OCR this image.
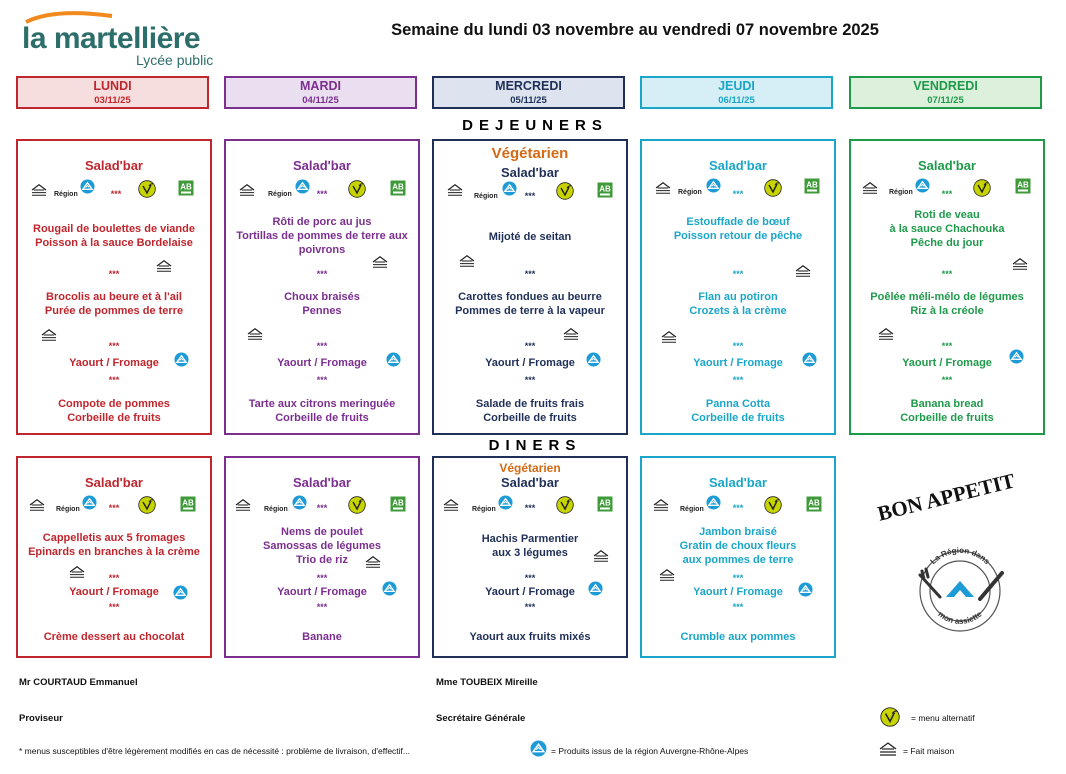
la martellière
Lycée public
Semaine du lundi 03 novembre au vendredi 07 novembre 2025
LUNDI
03/11/25
MARDI
04/11/25
MERCREDI
05/11/25
JEUDI
06/11/25
VENDREDI
07/11/25
DEJEUNERS
Salad'bar
Région	***
Rougail de boulettes de viande
Poisson à la sauce Bordelaise
***
Brocolis au beure et à l'ail
Purée de pommes de terre
***
Yaourt / Fromage
***
Compote de pommes
Corbeille de fruits
Salad'bar
Région	***
Rôti de porc au jus
Tortillas de pommes de terre aux
poivrons
***
Choux braisés
Pennes
***
Yaourt / Fromage
***
Tarte aux citrons meringuée
Corbeille de fruits
Végétarien
Salad'bar
Région	***
Mijoté de seitan
***
Carottes fondues au beurre
Pommes de terre à la vapeur
***
Yaourt / Fromage
***
Salade de fruits frais
Corbeille de fruits
Salad'bar
Région	***
Estouffade de bœuf
Poisson retour de pêche
***
Flan au potiron
Crozets à la crème
***
Yaourt / Fromage
***
Panna Cotta
Corbeille de fruits
Salad'bar
Région	***
Roti de veau
à la sauce Chachouka
Pêche du jour
***
Poêlée méli-mélo de légumes
Riz à la créole
***
Yaourt / Fromage
***
Banana bread
Corbeille de fruits
DINERS
Salad'bar
Région	***
Cappelletis aux 5 fromages
Epinards en branches à la crème
***
Yaourt / Fromage
***
Crème dessert au chocolat
Salad'bar
Région	***
Nems de poulet
Samossas de légumes
Trio de riz
***
Yaourt / Fromage
***
Banane
Végétarien
Salad'bar
Région	***
Hachis Parmentier
aux 3 légumes
***
Yaourt / Fromage
***
Yaourt aux fruits mixés
Salad'bar
Région	***
Jambon braisé
Gratin de choux fleurs
aux pommes de terre
***
Yaourt / Fromage
***
Crumble aux pommes
BON APPETIT
La Région dans
mon assiette
Mr COURTAUD Emmanuel
Proviseur
Mme TOUBEIX Mireille
Secrétaire Générale
* menus susceptibles d'être légèrement modifiés en cas de nécessité : problème de livraison, d'effectif...	= Produits issus de la région Auvergne-Rhône-Alpes
= menu alternatif
= Fait maison
